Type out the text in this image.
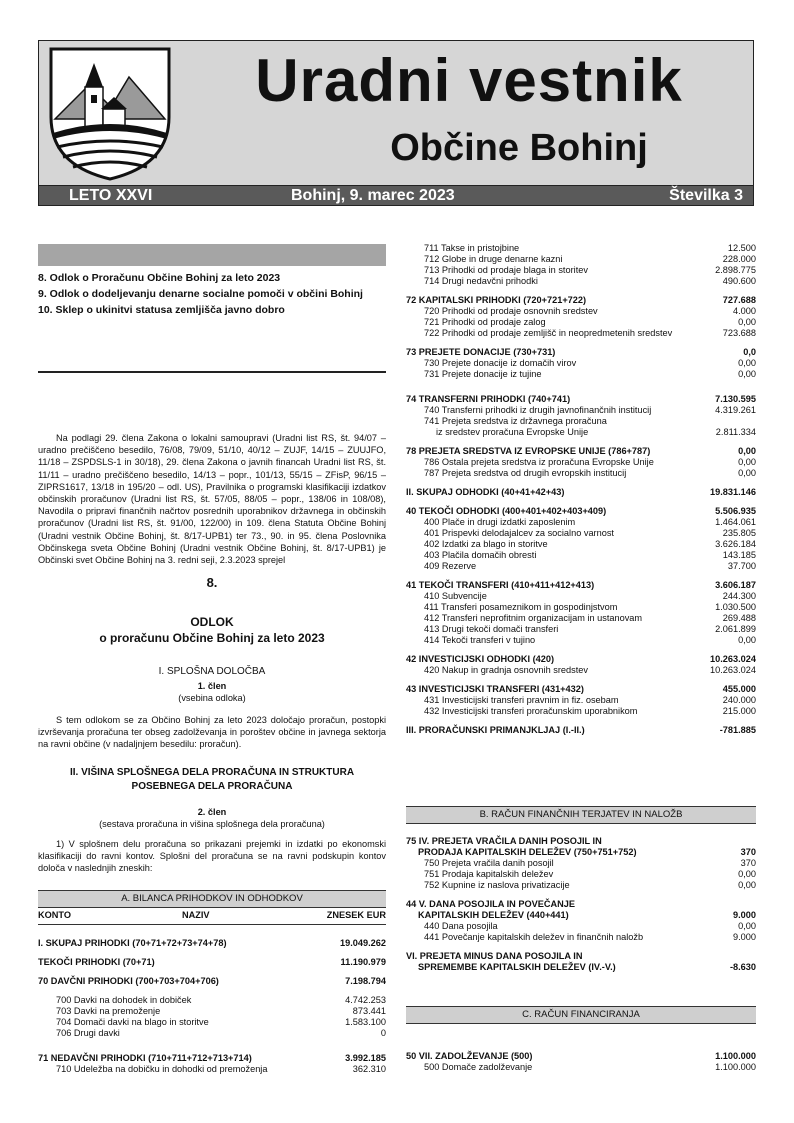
Uradni vestnik
Občine Bohinj
LETO XXVI	Bohinj, 9. marec 2023	Številka 3
8. Odlok o Proračunu Občine Bohinj za leto 2023
9. Odlok o dodeljevanju denarne socialne pomoči v občini Bohinj
10. Sklep o ukinitvi statusa zemljišča javno dobro
Na podlagi 29. člena Zakona o lokalni samoupravi (Uradni list RS, št. 94/07 – uradno prečiščeno besedilo, 76/08, 79/09, 51/10, 40/12 – ZUJF, 14/15 – ZUUJFO, 11/18 – ZSPDSLS-1 in 30/18), 29. člena Zakona o javnih financah Uradni list RS, št. 11/11 – uradno prečiščeno besedilo, 14/13 – popr., 101/13, 55/15 – ZFisP, 96/15 – ZIPRS1617, 13/18 in 195/20 – odl. US), Pravilnika o programski klasifikaciji izdatkov občinskih proračunov (Uradni list RS, št. 57/05, 88/05 – popr., 138/06 in 108/08), Navodila o pripravi finančnih načrtov posrednih uporabnikov državnega in občinskih proračunov (Uradni list RS, št. 91/00, 122/00) in 109. člena Statuta Občine Bohinj (Uradni vestnik Občine Bohinj, št. 8/17-UPB1) ter 73., 90. in 95. člena Poslovnika Občinskega sveta Občine Bohinj (Uradni vestnik Občine Bohinj, št. 8/17-UPB1) je Občinski svet Občine Bohinj na 3. redni seji, 2.3.2023 sprejel
8.
ODLOK
o proračunu Občine Bohinj za leto 2023
I. SPLOŠNA DOLOČBA
1. člen
(vsebina odloka)
S tem odlokom se za Občino Bohinj za leto 2023 določajo proračun, postopki izvrševanja proračuna ter obseg zadolževanja in poroštev občine in javnega sektorja na ravni občine (v nadaljnjem besedilu: proračun).
II. VIŠINA SPLOŠNEGA DELA PRORAČUNA IN STRUKTURA
POSEBNEGA DELA PRORAČUNA
2. člen
(sestava proračuna in višina splošnega dela proračuna)
1) V splošnem delu proračuna so prikazani prejemki in izdatki po ekonomski klasifikaciji do ravni kontov. Splošni del proračuna se na ravni podskupin kontov določa v naslednjih zneskih:
A. BILANCA PRIHODKOV IN ODHODKOV
KONTO	NAZIV	ZNESEK EUR
I. SKUPAJ PRIHODKI (70+71+72+73+74+78)	19.049.262
TEKOČI PRIHODKI (70+71)	11.190.979
70 DAVČNI PRIHODKI (700+703+704+706)	7.198.794
700 Davki na dohodek in dobiček	4.742.253
703 Davki na premoženje	873.441
704 Domači davki na blago in storitve	1.583.100
706 Drugi davki	0
71 NEDAVČNI PRIHODKI (710+711+712+713+714)	3.992.185
710 Udeležba na dobičku in dohodki od premoženja	362.310
711 Takse in pristojbine	12.500
712 Globe in druge denarne kazni	228.000
713 Prihodki od prodaje blaga in storitev	2.898.775
714 Drugi nedavčni prihodki	490.600
72 KAPITALSKI PRIHODKI (720+721+722)	727.688
720 Prihodki od prodaje osnovnih sredstev	4.000
721 Prihodki od prodaje zalog	0,00
722 Prihodki od prodaje zemljišč in neopredmetenih sredstev	723.688
73 PREJETE DONACIJE (730+731)	0,0
730 Prejete donacije iz domačih virov	0,00
731 Prejete donacije iz tujine	0,00
74 TRANSFERNI PRIHODKI (740+741)	7.130.595
740 Transferni prihodki iz drugih javnofinančnih institucij	4.319.261
741 Prejeta sredstva iz državnega proračuna
iz sredstev proračuna Evropske Unije	2.811.334
78 PREJETA SREDSTVA IZ EVROPSKE UNIJE (786+787)	0,00
786 Ostala prejeta sredstva iz proračuna Evropske Unije	0,00
787 Prejeta sredstva od drugih evropskih institucij	0,00
II. SKUPAJ ODHODKI (40+41+42+43)	19.831.146
40 TEKOČI ODHODKI (400+401+402+403+409)	5.506.935
400 Plače in drugi izdatki zaposlenim	1.464.061
401 Prispevki delodajalcev za socialno varnost	235.805
402 Izdatki za blago in storitve	3.626.184
403 Plačila domačih obresti	143.185
409 Rezerve	37.700
41 TEKOČI TRANSFERI (410+411+412+413)	3.606.187
410 Subvencije	244.300
411 Transferi posameznikom in gospodinjstvom	1.030.500
412 Transferi neprofitnim organizacijam in ustanovam	269.488
413 Drugi tekoči domači transferi	2.061.899
414 Tekoči transferi v tujino	0,00
42 INVESTICIJSKI ODHODKI (420)	10.263.024
420 Nakup in gradnja osnovnih sredstev	10.263.024
43 INVESTICIJSKI TRANSFERI (431+432)	455.000
431 Investicijski transferi pravnim in fiz. osebam	240.000
432 Investicijski transferi proračunskim uporabnikom	215.000
III. PRORAČUNSKI PRIMANJKLJAJ (I.-II.)	-781.885
B. RAČUN FINANČNIH TERJATEV IN NALOŽB
75 IV. PREJETA VRAČILA DANIH POSOJIL IN
PRODAJA KAPITALSKIH DELEŽEV (750+751+752)	370
750 Prejeta vračila danih posojil	370
751 Prodaja kapitalskih deležev	0,00
752 Kupnine iz naslova privatizacije	0,00
44 V. DANA POSOJILA IN POVEČANJE
KAPITALSKIH DELEŽEV (440+441)	9.000
440 Dana posojila	0,00
441 Povečanje kapitalskih deležev in finančnih naložb	9.000
VI. PREJETA MINUS DANA POSOJILA IN
SPREMEMBE KAPITALSKIH DELEŽEV (IV.-V.)	-8.630
C. RAČUN FINANCIRANJA
50 VII. ZADOLŽEVANJE (500)	1.100.000
500 Domače zadolževanje	1.100.000
